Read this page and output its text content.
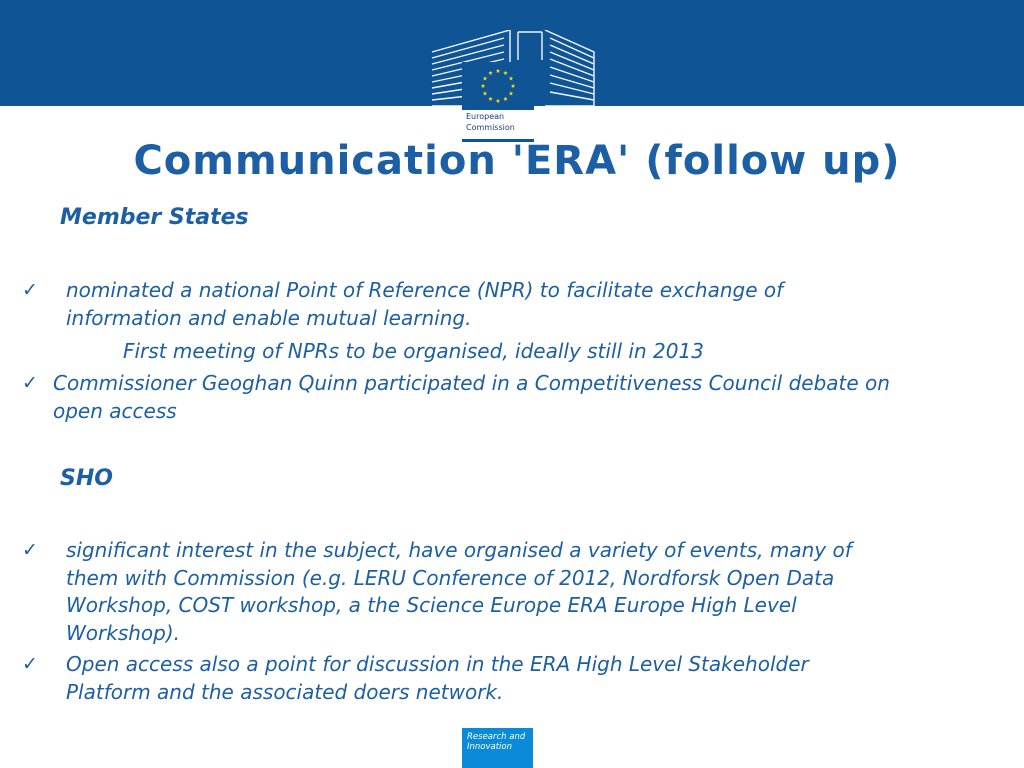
European
Commission
Communication 'ERA' (follow up)

Member States

✓ nominated a national Point of Reference (NPR) to facilitate exchange of
information and enable mutual learning.
First meeting of NPRs to be organised, ideally still in 2013
✓ Commissioner Geoghan Quinn participated in a Competitiveness Council debate on
open access

SHO

✓ significant interest in the subject, have organised a variety of events, many of
them with Commission (e.g. LERU Conference of 2012, Nordforsk Open Data
Workshop, COST workshop, a the Science Europe ERA Europe High Level
Workshop).
✓ Open access also a point for discussion in the ERA High Level Stakeholder
Platform and the associated doers network.
Research and
Innovation
